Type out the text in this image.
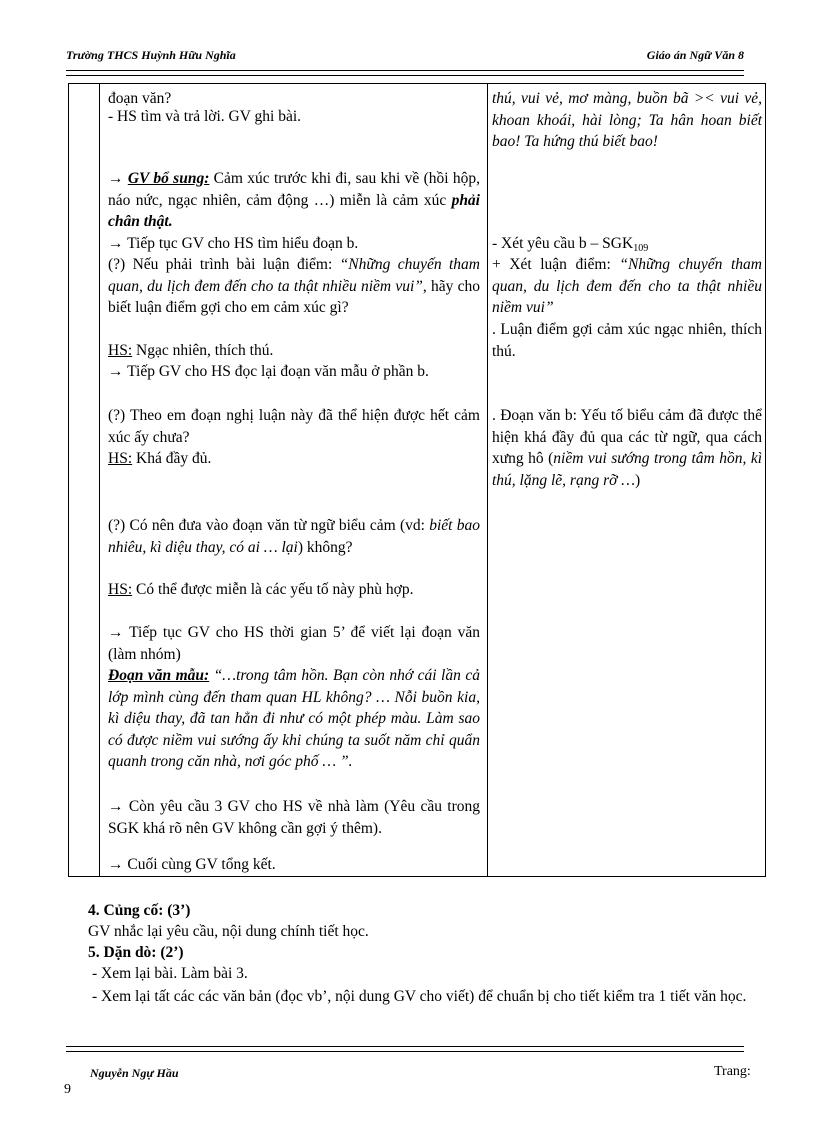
Trường THCS Huỳnh Hữu Nghĩa	Giáo án Ngữ Văn 8
đoạn văn?
- HS tìm và trả lời. GV ghi bài.
→ GV bổ sung: Cảm xúc trước khi đi, sau khi về (hồi hộp, náo nức, ngạc nhiên, cảm động …) miễn là cảm xúc phải chân thật.
→ Tiếp tục GV cho HS tìm hiểu đoạn b.
(?) Nếu phải trình bài luận điểm: “Những chuyến tham quan, du lịch đem đến cho ta thật nhiều niềm vui”, hãy cho biết luận điểm gợi cho em cảm xúc gì?
HS: Ngạc nhiên, thích thú.
→ Tiếp GV cho HS đọc lại đoạn văn mẫu ở phần b.
(?) Theo em đoạn nghị luận này đã thể hiện được hết cảm xúc ấy chưa?
HS: Khá đầy đủ.
(?) Có nên đưa vào đoạn văn từ ngữ biểu cảm (vd: biết bao nhiêu, kì diệu thay, có ai … lại) không?
HS: Có thể được miễn là các yếu tố này phù hợp.
→ Tiếp tục GV cho HS thời gian 5’ để viết lại đoạn văn (làm nhóm)
Đoạn văn mẫu: “…trong tâm hồn. Bạn còn nhớ cái lần cả lớp mình cùng đến tham quan HL không? … Nỗi buồn kia, kì diệu thay, đã tan hẳn đi như có một phép màu. Làm sao có được niềm vui sướng ấy khi chúng ta suốt năm chỉ quẩn quanh trong căn nhà, nơi góc phố … ”.
→ Còn yêu cầu 3 GV cho HS về nhà làm (Yêu cầu trong SGK khá rõ nên GV không cần gợi ý thêm).
→ Cuối cùng GV tổng kết.
thú, vui vẻ, mơ màng, buồn bã >< vui vẻ, khoan khoái, hài lòng; Ta hân hoan biết bao! Ta hứng thú biết bao!
- Xét yêu cầu b – $SGK_{109}$
+ Xét luận điểm: “Những chuyến tham quan, du lịch đem đến cho ta thật nhiều niềm vui”
. Luận điểm gợi cảm xúc ngạc nhiên, thích thú.
. Đoạn văn b: Yếu tố biểu cảm đã được thể hiện khá đầy đủ qua các từ ngữ, qua cách xưng hô (niềm vui sướng trong tâm hồn, kì thú, lặng lẽ, rạng rỡ …)
4. Củng cố: (3’)
GV nhắc lại yêu cầu, nội dung chính tiết học.
5. Dặn dò: (2’)
- Xem lại bài. Làm bài 3.
- Xem lại tất các các văn bản (đọc vb’, nội dung GV cho viết) để chuẩn bị cho tiết kiểm tra 1 tiết văn học.
Nguyễn Ngự Hầu	Trang:
9
